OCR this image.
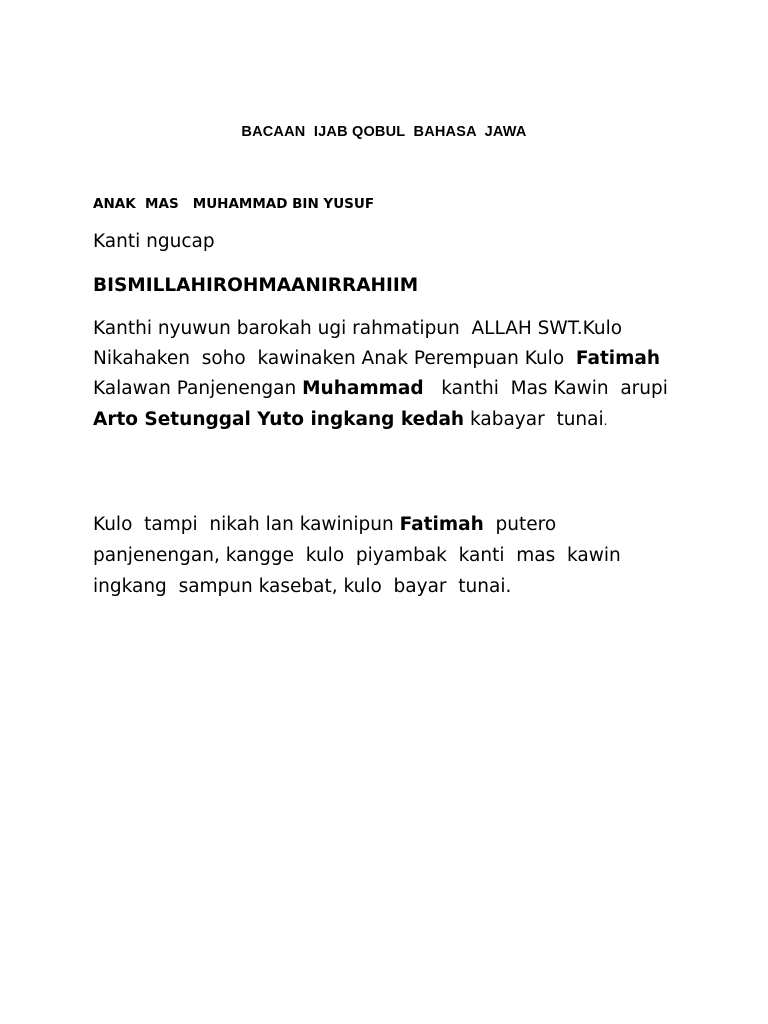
BACAAN  IJAB QOBUL  BAHASA  JAWA
ANAK  MAS   MUHAMMAD BIN YUSUF
Kanti ngucap
BISMILLAHIROHMAANIRRAHIIM
Kanthi nyuwun barokah ugi rahmatipun  ALLAH SWT.Kulo
Nikahaken  soho  kawinaken Anak Perempuan Kulo  Fatimah
Kalawan Panjenengan Muhammad   kanthi  Mas Kawin  arupi
Arto Setunggal Yuto ingkang kedah kabayar  tunai.
Kulo  tampi  nikah lan kawinipun Fatimah  putero
panjenengan, kangge  kulo  piyambak  kanti  mas  kawin
ingkang  sampun kasebat, kulo  bayar  tunai.
